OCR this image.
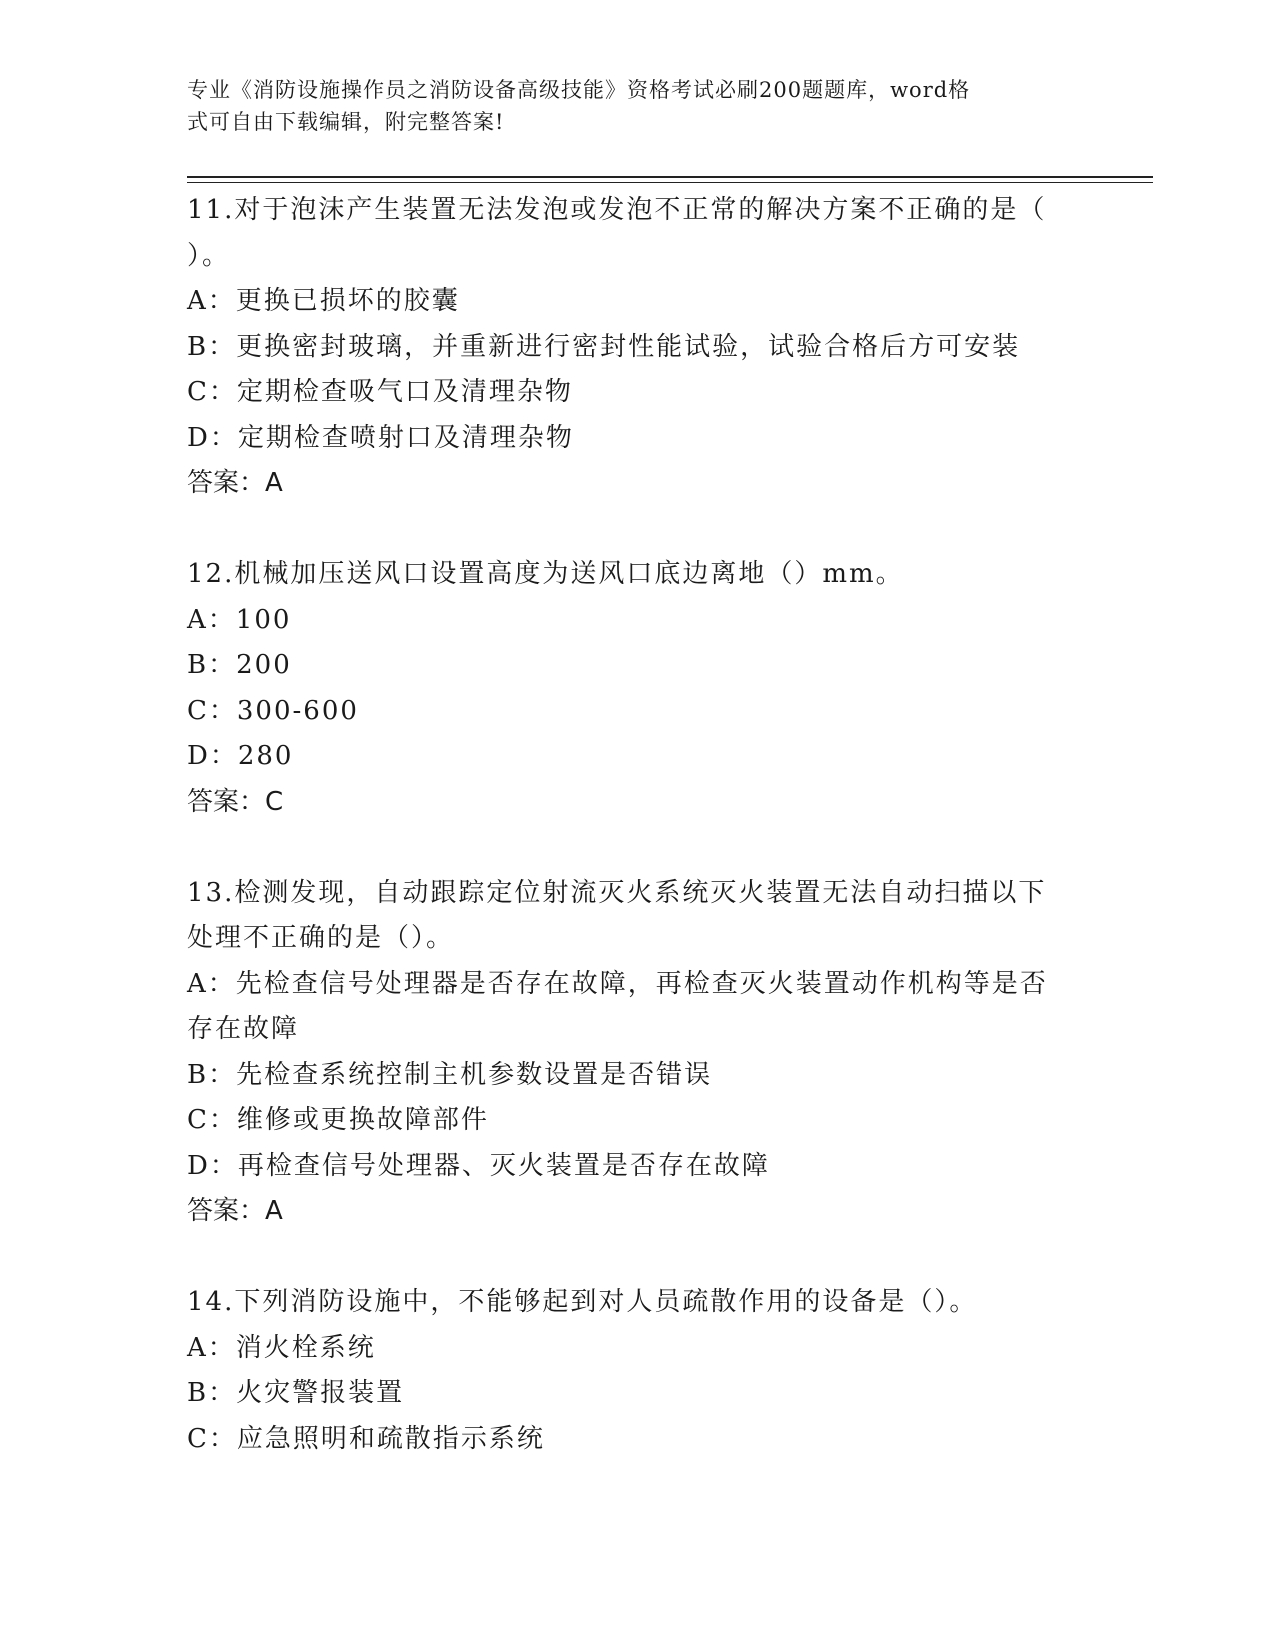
专业《消防设施操作员之消防设备高级技能》资格考试必刷200题题库，word格
式可自由下载编辑，附完整答案!
11.对于泡沫产生装置无法发泡或发泡不正常的解决方案不正确的是（
）。
A：更换已损坏的胶囊
B：更换密封玻璃，并重新进行密封性能试验，试验合格后方可安装
C：定期检查吸气口及清理杂物
D：定期检查喷射口及清理杂物
答案：A
12.机械加压送风口设置高度为送风口底边离地（）mm。
A：100
B：200
C：300-600
D：280
答案：C
13.检测发现，自动跟踪定位射流灭火系统灭火装置无法自动扫描以下
处理不正确的是（）。
A：先检查信号处理器是否存在故障，再检查灭火装置动作机构等是否
存在故障
B：先检查系统控制主机参数设置是否错误
C：维修或更换故障部件
D：再检查信号处理器、灭火装置是否存在故障
答案：A
14.下列消防设施中，不能够起到对人员疏散作用的设备是（）。
A：消火栓系统
B：火灾警报装置
C：应急照明和疏散指示系统
